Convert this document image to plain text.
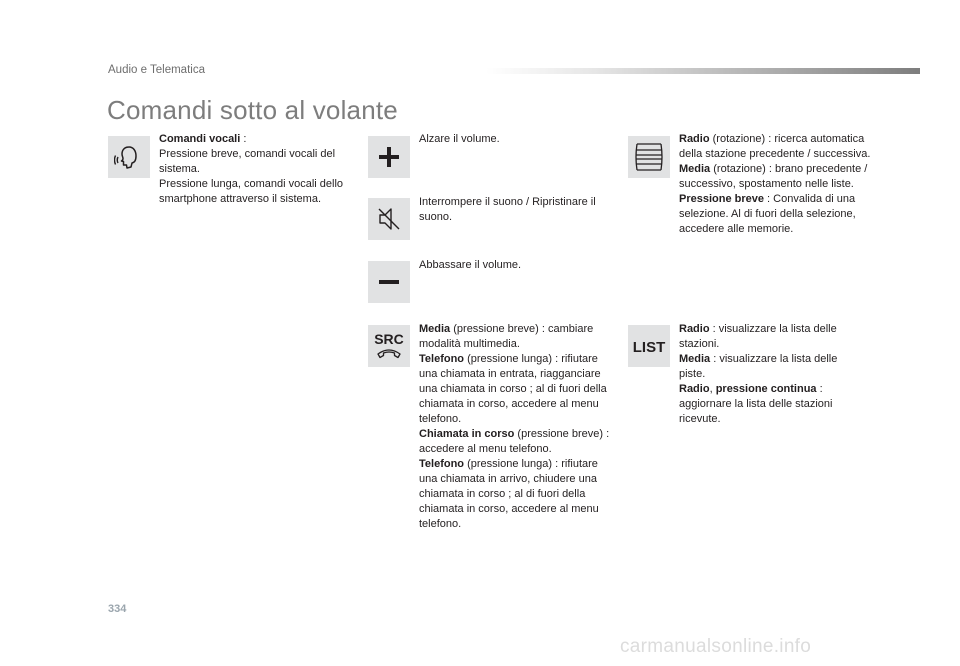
Audio e Telematica
Comandi sotto al volante

Comandi vocali :

Pressione breve, comandi vocali del sistema.

Pressione lunga, comandi vocali dello smartphone attraverso il sistema.

Alzare il volume.
Interrompere il suono / Ripristinare il suono.
Abbassare il volume.
SRC

Media (pressione breve) : cambiare modalità multimedia.

Telefono (pressione lunga) : rifiutare una chiamata in entrata, riagganciare una chiamata in corso ; al di fuori della chiamata in corso, accedere al menu telefono.

Chiamata in corso (pressione breve) : accedere al menu telefono.

Telefono (pressione lunga) : rifiutare una chiamata in arrivo, chiudere una chiamata in corso ; al di fuori della chiamata in corso, accedere al menu telefono.

Radio (rotazione) : ricerca automatica della stazione precedente / successiva.

Media (rotazione) : brano precedente / successivo, spostamento nelle liste.

Pressione breve : Convalida di una selezione. Al di fuori della selezione, accedere alle memorie.

LIST

Radio : visualizzare la lista delle stazioni.

Media : visualizzare la lista delle piste.

Radio, pressione continua : aggiornare la lista delle stazioni ricevute.

334
carmanualsonline.info
